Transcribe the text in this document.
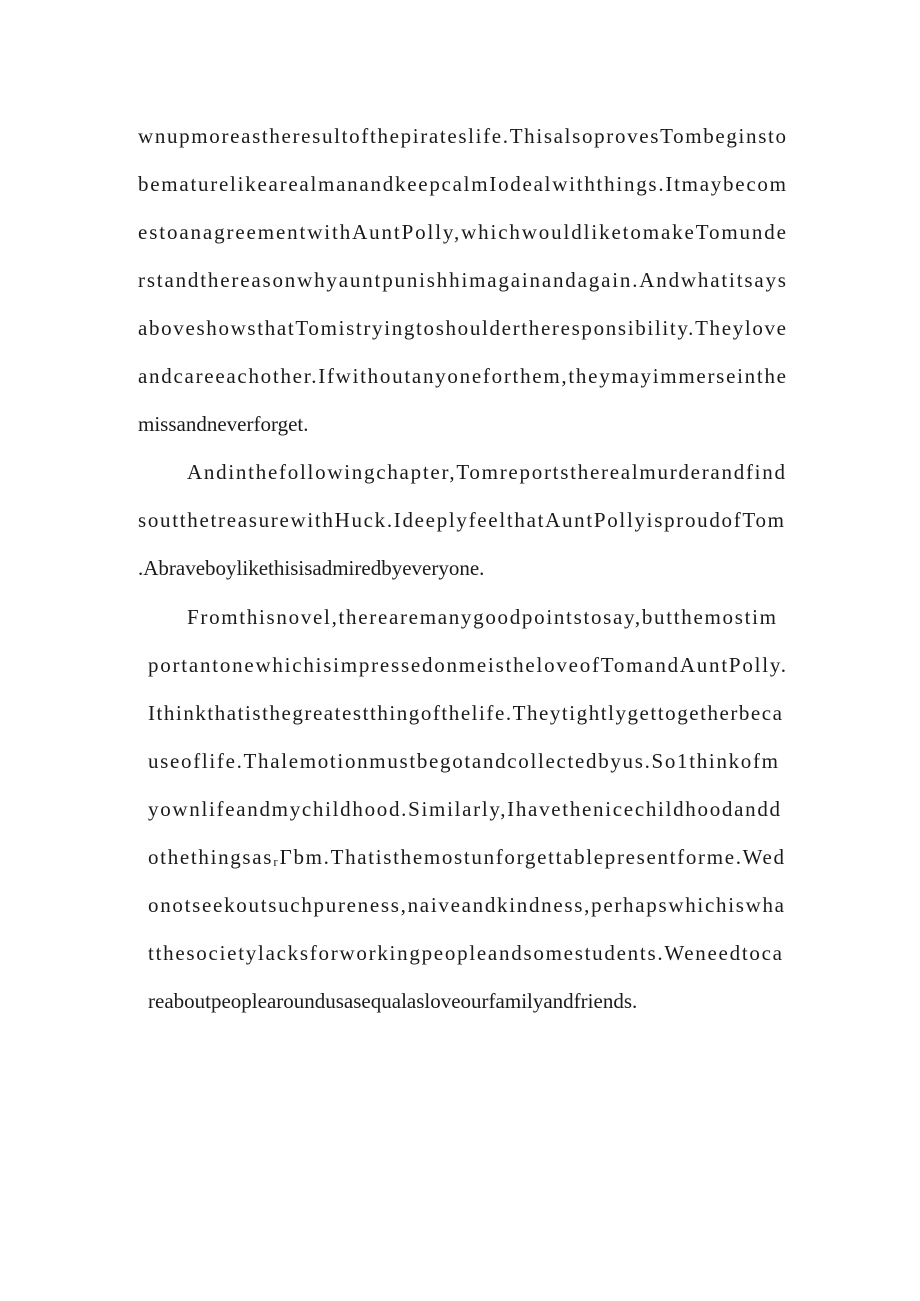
wnupmoreastheresultofthepirateslife.ThisalsoprovesTombeginsto
bematurelikearealmanandkeepcalmIodealwiththings.Itmaybecom
estoanagreementwithAuntPolly,whichwouldliketomakeTomunde
rstandthereasonwhyauntpunishhimagainandagain.Andwhatitsays
aboveshowsthatTomistryingtoshouldertheresponsibility.Theylove
andcareeachother.Ifwithoutanyoneforthem,theymayimmerseinthe
missandneverforget.
Andinthefollowingchapter,Tomreportstherealmurderandfind
soutthetreasurewithHuck.IdeeplyfeelthatAuntPollyisproudofTom
.Abraveboylikethisisadmiredbyeveryone.
Fromthisnovel,therearemanygoodpointstosay,butthemostim
portantonewhichisimpressedonmeistheloveofTomandAuntPolly.
Ithinkthatisthegreatestthingofthelife.Theytightlygettogetherbeca
useoflife.Thalemotionmustbegotandcollectedbyus.So1thinkofm
yownlifeandmychildhood.Similarly,Ihavethenicechildhoodandd
othethingsasᵣΓbm.Thatisthemostunforgettablepresentforme.Wed
onotseekoutsuchpureness,naiveandkindness,perhapswhichiswha
tthesocietylacksforworkingpeopleandsomestudents.Weneedtoca
reaboutpeoplearoundusasequalasloveourfamilyandfriends.
